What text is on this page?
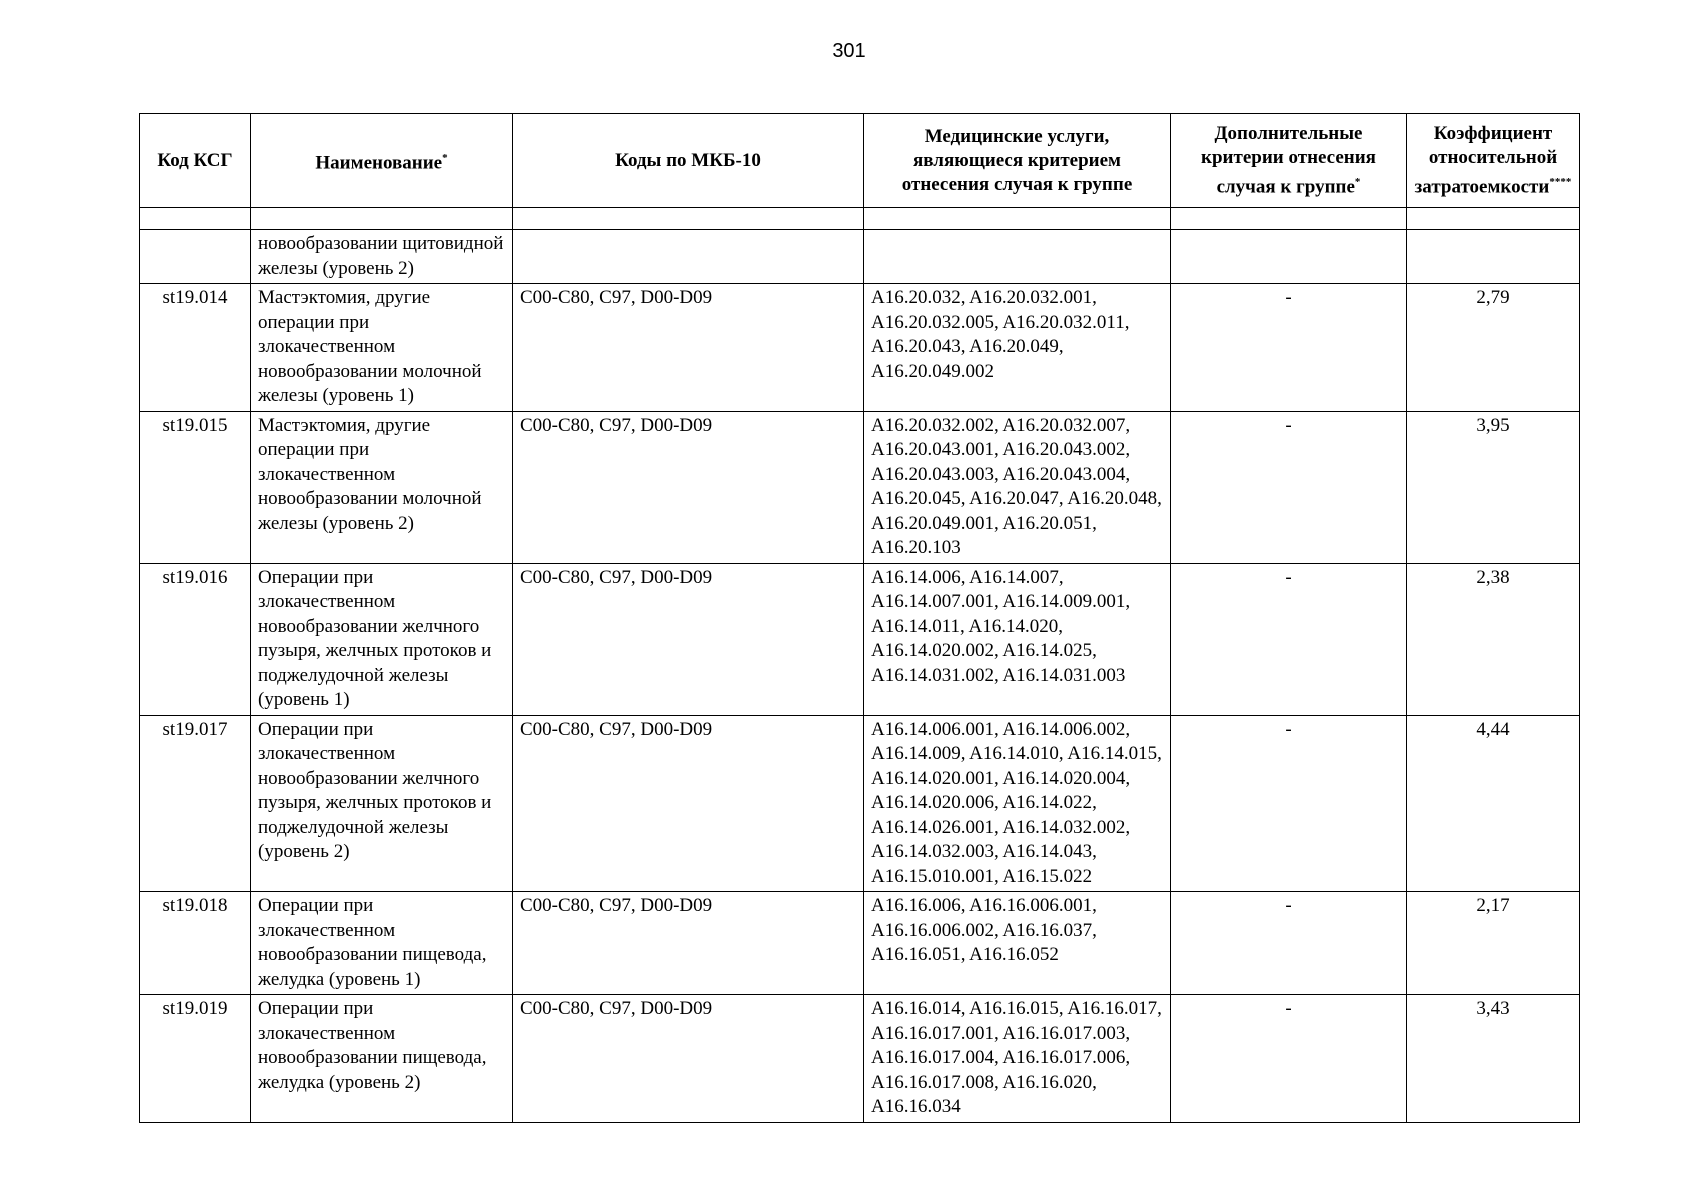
301
Код КСГ	Наименование*	Коды по МКБ-10	Медицинские услуги, являющиеся критерием отнесения случая к группе	Дополнительные критерии отнесения случая к группе*	Коэффициент относительной затратоемкости****

	новообразовании щитовидной железы (уровень 2)				
st19.014	Мастэктомия, другие операции при злокачественном новообразовании молочной железы (уровень 1)	C00-C80, C97, D00-D09	A16.20.032, A16.20.032.001, A16.20.032.005, A16.20.032.011, A16.20.043, A16.20.049, A16.20.049.002	-	2,79
st19.015	Мастэктомия, другие операции при злокачественном новообразовании молочной железы (уровень 2)	C00-C80, C97, D00-D09	A16.20.032.002, A16.20.032.007, A16.20.043.001, A16.20.043.002, A16.20.043.003, A16.20.043.004, A16.20.045, A16.20.047, A16.20.048, A16.20.049.001, A16.20.051, A16.20.103	-	3,95
st19.016	Операции при злокачественном новообразовании желчного пузыря, желчных протоков и поджелудочной железы (уровень 1)	C00-C80, C97, D00-D09	A16.14.006, A16.14.007, A16.14.007.001, A16.14.009.001, A16.14.011, A16.14.020, A16.14.020.002, A16.14.025, A16.14.031.002, A16.14.031.003	-	2,38
st19.017	Операции при злокачественном новообразовании желчного пузыря, желчных протоков и поджелудочной железы (уровень 2)	C00-C80, C97, D00-D09	A16.14.006.001, A16.14.006.002, A16.14.009, A16.14.010, A16.14.015, A16.14.020.001, A16.14.020.004, A16.14.020.006, A16.14.022, A16.14.026.001, A16.14.032.002, A16.14.032.003, A16.14.043, A16.15.010.001, A16.15.022	-	4,44
st19.018	Операции при злокачественном новообразовании пищевода, желудка (уровень 1)	C00-C80, C97, D00-D09	A16.16.006, A16.16.006.001, A16.16.006.002, A16.16.037, A16.16.051, A16.16.052	-	2,17
st19.019	Операции при злокачественном новообразовании пищевода, желудка (уровень 2)	C00-C80, C97, D00-D09	A16.16.014, A16.16.015, A16.16.017, A16.16.017.001, A16.16.017.003, A16.16.017.004, A16.16.017.006, A16.16.017.008, A16.16.020, A16.16.034	-	3,43
